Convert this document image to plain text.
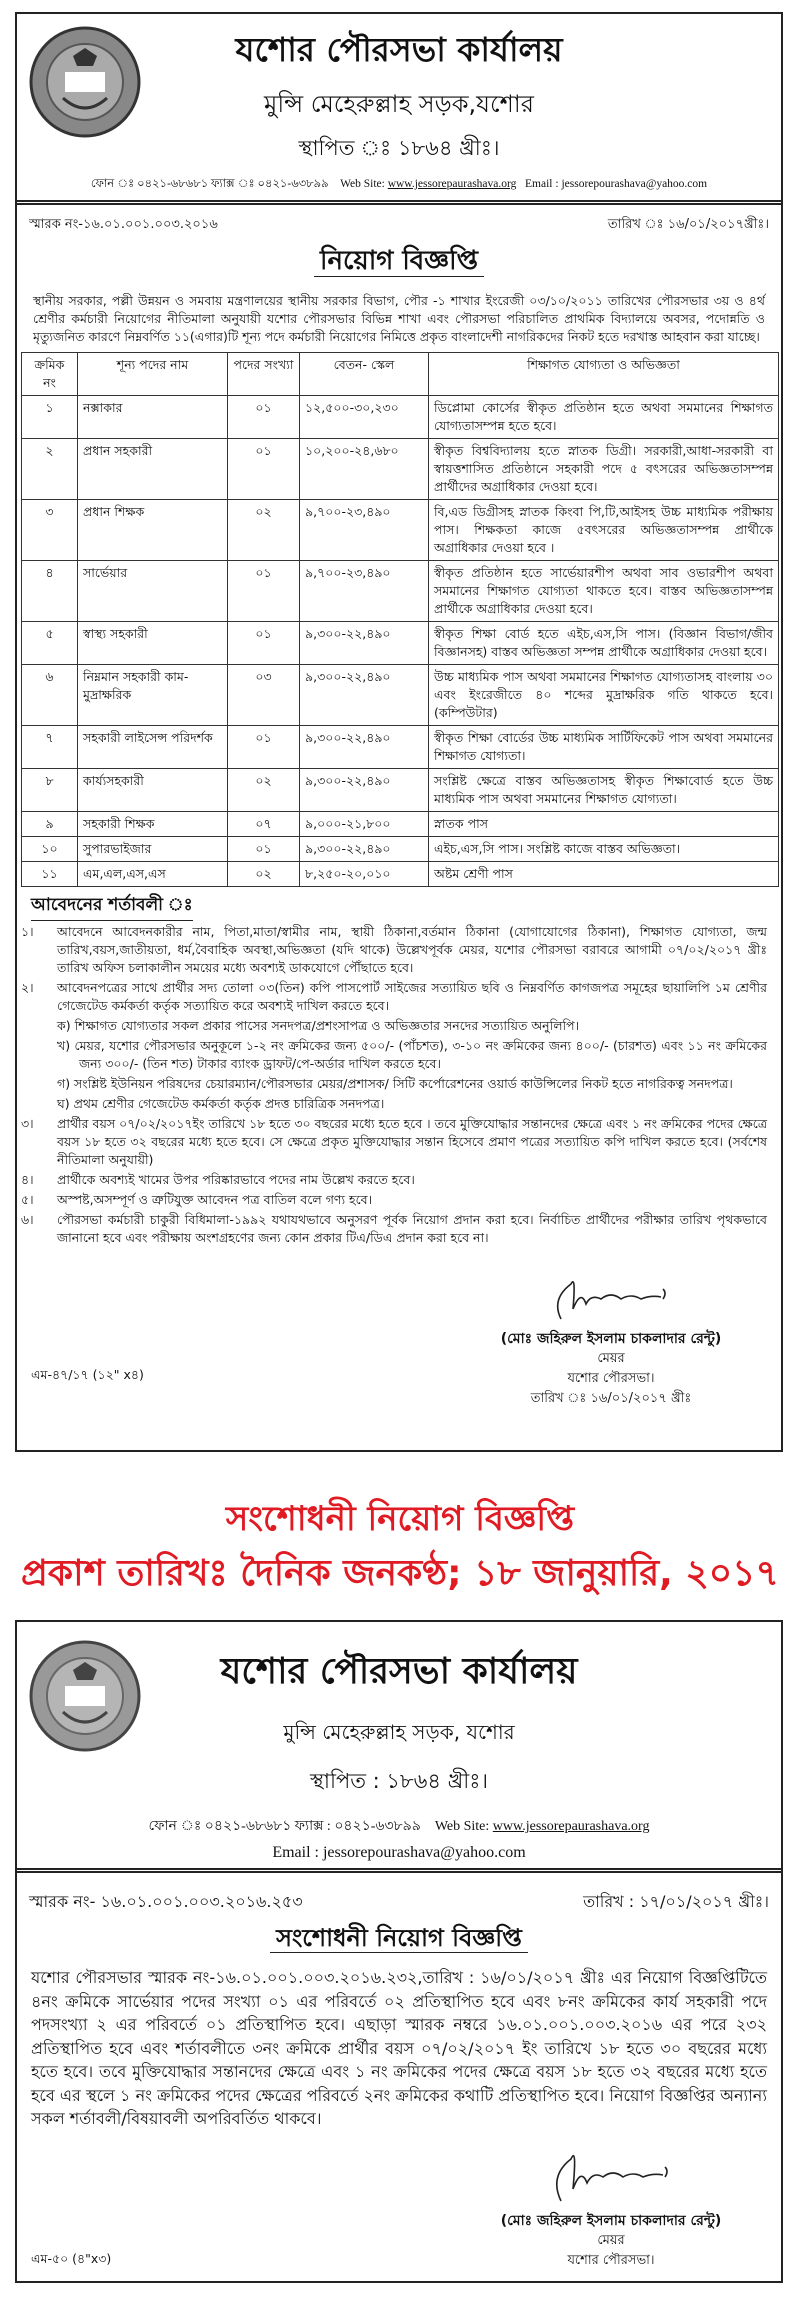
যশোর পৌরসভা কার্যালয়
মুন্সি মেহেরুল্লাহ সড়ক,যশোর
স্থাপিত ঃ ১৮৬৪ খ্রীঃ।
ফোন ঃ ০৪২১-৬৮৬৮১ ফ্যাক্স ঃ ০৪২১-৬৩৮৯৯ Web Site: www.jessorepaurashava.org Email : jessorepourashava@yahoo.com
স্মারক নং-১৬.০১.০০১.০০৩.২০১৬	তারিখ ঃ ১৬/০১/২০১৭খ্রীঃ।
নিয়োগ বিজ্ঞপ্তি
স্থানীয় সরকার, পল্লী উন্নয়ন ও সমবায় মন্ত্রণালয়ের স্থানীয় সরকার বিভাগ, পৌর -১ শাখার ইংরেজী ০৩/১০/২০১১ তারিখের পৌরসভার ৩য় ও ৪র্থ শ্রেণীর কর্মচারী নিয়োগের নীতিমালা অনুযায়ী যশোর পৌরসভার বিভিন্ন শাখা এবং পৌরসভা পরিচালিত প্রাথমিক বিদ্যালয়ে অবসর, পদোন্নতি ও মৃত্যুজনিত কারণে নিম্নবর্ণিত ১১(এগার)টি শূন্য পদে কর্মচারী নিয়োগের নিমিত্তে প্রকৃত বাংলাদেশী নাগরিকদের নিকট হতে দরখাস্ত আহবান করা যাচ্ছে।
ক্রমিক নং	শূন্য পদের নাম	পদের সংখ্যা	বেতন- স্কেল	শিক্ষাগত যোগ্যতা ও অভিজ্ঞতা
১	নক্সাকার	০১	১২,৫০০-৩০,২৩০	ডিপ্লোমা কোর্সের স্বীকৃত প্রতিষ্ঠান হতে অথবা সমমানের শিক্ষাগত যোগ্যতাসম্পন্ন হতে হবে।
২	প্রধান সহকারী	০১	১০,২০০-২৪,৬৮০	স্বীকৃত বিশ্ববিদ্যালয় হতে স্নাতক ডিগ্রী। সরকারী,আধা-সরকারী বা স্বায়ত্তশাসিত প্রতিষ্ঠানে সহকারী পদে ৫ বৎসরের অভিজ্ঞতাসম্পন্ন প্রার্থীদের অগ্রাধিকার দেওয়া হবে।
৩	প্রধান শিক্ষক	০২	৯,৭০০-২৩,৪৯০	বি,এড ডিগ্রীসহ স্নাতক কিংবা পি,টি,আইসহ উচ্চ মাধ্যমিক পরীক্ষায় পাস। শিক্ষকতা কাজে ৫বৎসরের অভিজ্ঞতাসম্পন্ন প্রার্থীকে অগ্রাধিকার দেওয়া হবে ।
৪	সার্ভেয়ার	০১	৯,৭০০-২৩,৪৯০	স্বীকৃত প্রতিষ্ঠান হতে সার্ভেয়ারশীপ অথবা সাব ওভারশীপ অথবা সমমানের শিক্ষাগত যোগ্যতা থাকতে হবে। বাস্তব অভিজ্ঞতাসম্পন্ন প্রার্থীকে অগ্রাধিকার দেওয়া হবে।
৫	স্বাস্থ্য সহকারী	০১	৯,৩০০-২২,৪৯০	স্বীকৃত শিক্ষা বোর্ড হতে এইচ,এস,সি পাস। (বিজ্ঞান বিভাগ/জীব বিজ্ঞানসহ) বাস্তব অভিজ্ঞতা সম্পন্ন প্রার্থীকে অগ্রাধিকার দেওয়া হবে।
৬	নিম্নমান সহকারী কাম-মুদ্রাক্ষরিক	০৩	৯,৩০০-২২,৪৯০	উচ্চ মাধ্যমিক পাস অথবা সমমানের শিক্ষাগত যোগ্যতাসহ বাংলায় ৩০ এবং ইংরেজীতে ৪০ শব্দের মুদ্রাক্ষরিক গতি থাকতে হবে। (কম্পিউটার)
৭	সহকারী লাইসেন্স পরিদর্শক	০১	৯,৩০০-২২,৪৯০	স্বীকৃত শিক্ষা বোর্ডের উচ্চ মাধ্যমিক সার্টিফিকেট পাস অথবা সমমানের শিক্ষাগত যোগ্যতা।
৮	কার্য্যসহকারী	০২	৯,৩০০-২২,৪৯০	সংশ্লিষ্ট ক্ষেত্রে বাস্তব অভিজ্ঞতাসহ স্বীকৃত শিক্ষাবোর্ড হতে উচ্চ মাধ্যমিক পাস অথবা সমমানের শিক্ষাগত যোগ্যতা।
৯	সহকারী শিক্ষক	০৭	৯,০০০-২১,৮০০	স্নাতক পাস
১০	সুপারভাইজার	০১	৯,৩০০-২২,৪৯০	এইচ,এস,সি পাস। সংশ্লিষ্ট কাজে বাস্তব অভিজ্ঞতা।
১১	এম,এল,এস,এস	০২	৮,২৫০-২০,০১০	অষ্টম শ্রেণী পাস
আবেদনের শর্তাবলী ঃ
১।	আবেদনে আবেদনকারীর নাম, পিতা,মাতা/স্বামীর নাম, স্থায়ী ঠিকানা,বর্তমান ঠিকানা (যোগাযোগের ঠিকানা), শিক্ষাগত যোগ্যতা, জন্ম তারিখ,বয়স,জাতীয়তা, ধর্ম,বৈবাহিক অবস্থা,অভিজ্ঞতা (যদি থাকে) উল্লেখপূর্বক মেয়র, যশোর পৌরসভা বরাবরে আগামী ০৭/০২/২০১৭ খ্রীঃ তারিখ অফিস চলাকালীন সময়ের মধ্যে অবশ্যই ডাকযোগে পৌঁছাতে হবে।
২।	আবেদনপত্রের সাথে প্রার্থীর সদ্য তোলা ০৩(তিন) কপি পাসপোর্ট সাইজের সত্যায়িত ছবি ও নিম্নবর্ণিত কাগজপত্র সমূহের ছায়ালিপি ১ম শ্রেণীর গেজেটেড কর্মকর্তা কর্তৃক সত্যায়িত করে অবশ্যই দাখিল করতে হবে।
ক) শিক্ষাগত যোগ্যতার সকল প্রকার পাসের সনদপত্র/প্রশংসাপত্র ও অভিজ্ঞতার সনদের সত্যায়িত অনুলিপি।
খ) মেয়র, যশোর পৌরসভার অনুকূলে ১-২ নং ক্রমিকের জন্য ৫০০/- (পাঁচশত), ৩-১০ নং ক্রমিকের জন্য ৪০০/- (চারশত) এবং ১১ নং ক্রমিকের জন্য ৩০০/- (তিন শত) টাকার ব্যাংক ড্রাফট/পে-অর্ডার দাখিল করতে হবে।
গ) সংশ্লিষ্ট ইউনিয়ন পরিষদের চেয়ারম্যান/পৌরসভার মেয়র/প্রশাসক/ সিটি কর্পোরেশনের ওয়ার্ড কাউন্সিলের নিকট হতে নাগরিকত্ব সনদপত্র।
ঘ) প্রথম শ্রেণীর গেজেটেড কর্মকর্তা কর্তৃক প্রদত্ত চারিত্রিক সনদপত্র।
৩।	প্রার্থীর বয়স ০৭/০২/২০১৭ইং তারিখে ১৮ হতে ৩০ বছরের মধ্যে হতে হবে । তবে মুক্তিযোদ্ধার সন্তানদের ক্ষেত্রে এবং ১ নং ক্রমিকের পদের ক্ষেত্রে বয়স ১৮ হতে ৩২ বছরের মধ্যে হতে হবে। সে ক্ষেত্রে প্রকৃত মুক্তিযোদ্ধার সন্তান হিসেবে প্রমাণ পত্রের সত্যায়িত কপি দাখিল করতে হবে। (সর্বশেষ নীতিমালা অনুযায়ী)
৪।	প্রার্থীকে অবশ্যই খামের উপর পরিষ্কারভাবে পদের নাম উল্লেখ করতে হবে।
৫।	অস্পষ্ট,অসম্পূর্ণ ও ত্রুটিযুক্ত আবেদন পত্র বাতিল বলে গণ্য হবে।
৬।	পৌরসভা কর্মচারী চাকুরী বিধিমালা-১৯৯২ যথাযথভাবে অনুসরণ পূর্বক নিয়োগ প্রদান করা হবে। নির্বাচিত প্রার্থীদের পরীক্ষার তারিখ পৃথকভাবে জানানো হবে এবং পরীক্ষায় অংশগ্রহণের জন্য কোন প্রকার টিএ/ডিএ প্রদান করা হবে না।
এম-৪৭/১৭ (১২" x৪)
(মোঃ জহিরুল ইসলাম চাকলাদার রেন্টু)
মেয়র
যশোর পৌরসভা।
তারিখ ঃ ১৬/০১/২০১৭ খ্রীঃ
সংশোধনী নিয়োগ বিজ্ঞপ্তি
প্রকাশ তারিখঃ দৈনিক জনকণ্ঠ; ১৮ জানুয়ারি, ২০১৭
যশোর পৌরসভা কার্যালয়
মুন্সি মেহেরুল্লাহ সড়ক, যশোর
স্থাপিত : ১৮৬৪ খ্রীঃ।
ফোন ঃ ০৪২১-৬৮৬৮১ ফ্যাক্স : ০৪২১-৬৩৮৯৯ Web Site: www.jessorepaurashava.org
Email : jessorepourashava@yahoo.com
স্মারক নং- ১৬.০১.০০১.০০৩.২০১৬.২৫৩	তারিখ : ১৭/০১/২০১৭ খ্রীঃ।
সংশোধনী নিয়োগ বিজ্ঞপ্তি
যশোর পৌরসভার স্মারক নং-১৬.০১.০০১.০০৩.২০১৬.২৩২,তারিখ : ১৬/০১/২০১৭ খ্রীঃ এর নিয়োগ বিজ্ঞপ্তিটিতে ৪নং ক্রমিকে সার্ভেয়ার পদের সংখ্যা ০১ এর পরিবর্তে ০২ প্রতিস্থাপিত হবে এবং ৮নং ক্রমিকের কার্য সহকারী পদে পদসংখ্যা ২ এর পরিবর্তে ০১ প্রতিস্থাপিত হবে। এছাড়া স্মারক নম্বরে ১৬.০১.০০১.০০৩.২০১৬ এর পরে ২৩২ প্রতিস্থাপিত হবে এবং শর্তাবলীতে ৩নং ক্রমিকে প্রার্থীর বয়স ০৭/০২/২০১৭ ইং তারিখে ১৮ হতে ৩০ বছরের মধ্যে হতে হবে। তবে মুক্তিযোদ্ধার সন্তানদের ক্ষেত্রে এবং ১ নং ক্রমিকের পদের ক্ষেত্রে বয়স ১৮ হতে ৩২ বছরের মধ্যে হতে হবে এর স্থলে ১ নং ক্রমিকের পদের ক্ষেত্রের পরিবর্তে ২নং ক্রমিকের কথাটি প্রতিস্থাপিত হবে। নিয়োগ বিজ্ঞপ্তির অন্যান্য সকল শর্তাবলী/বিষয়াবলী অপরিবর্তিত থাকবে।
এম-৫০ (৪"x৩)
(মোঃ জহিরুল ইসলাম চাকলাদার রেন্টু)
মেয়র
যশোর পৌরসভা।
